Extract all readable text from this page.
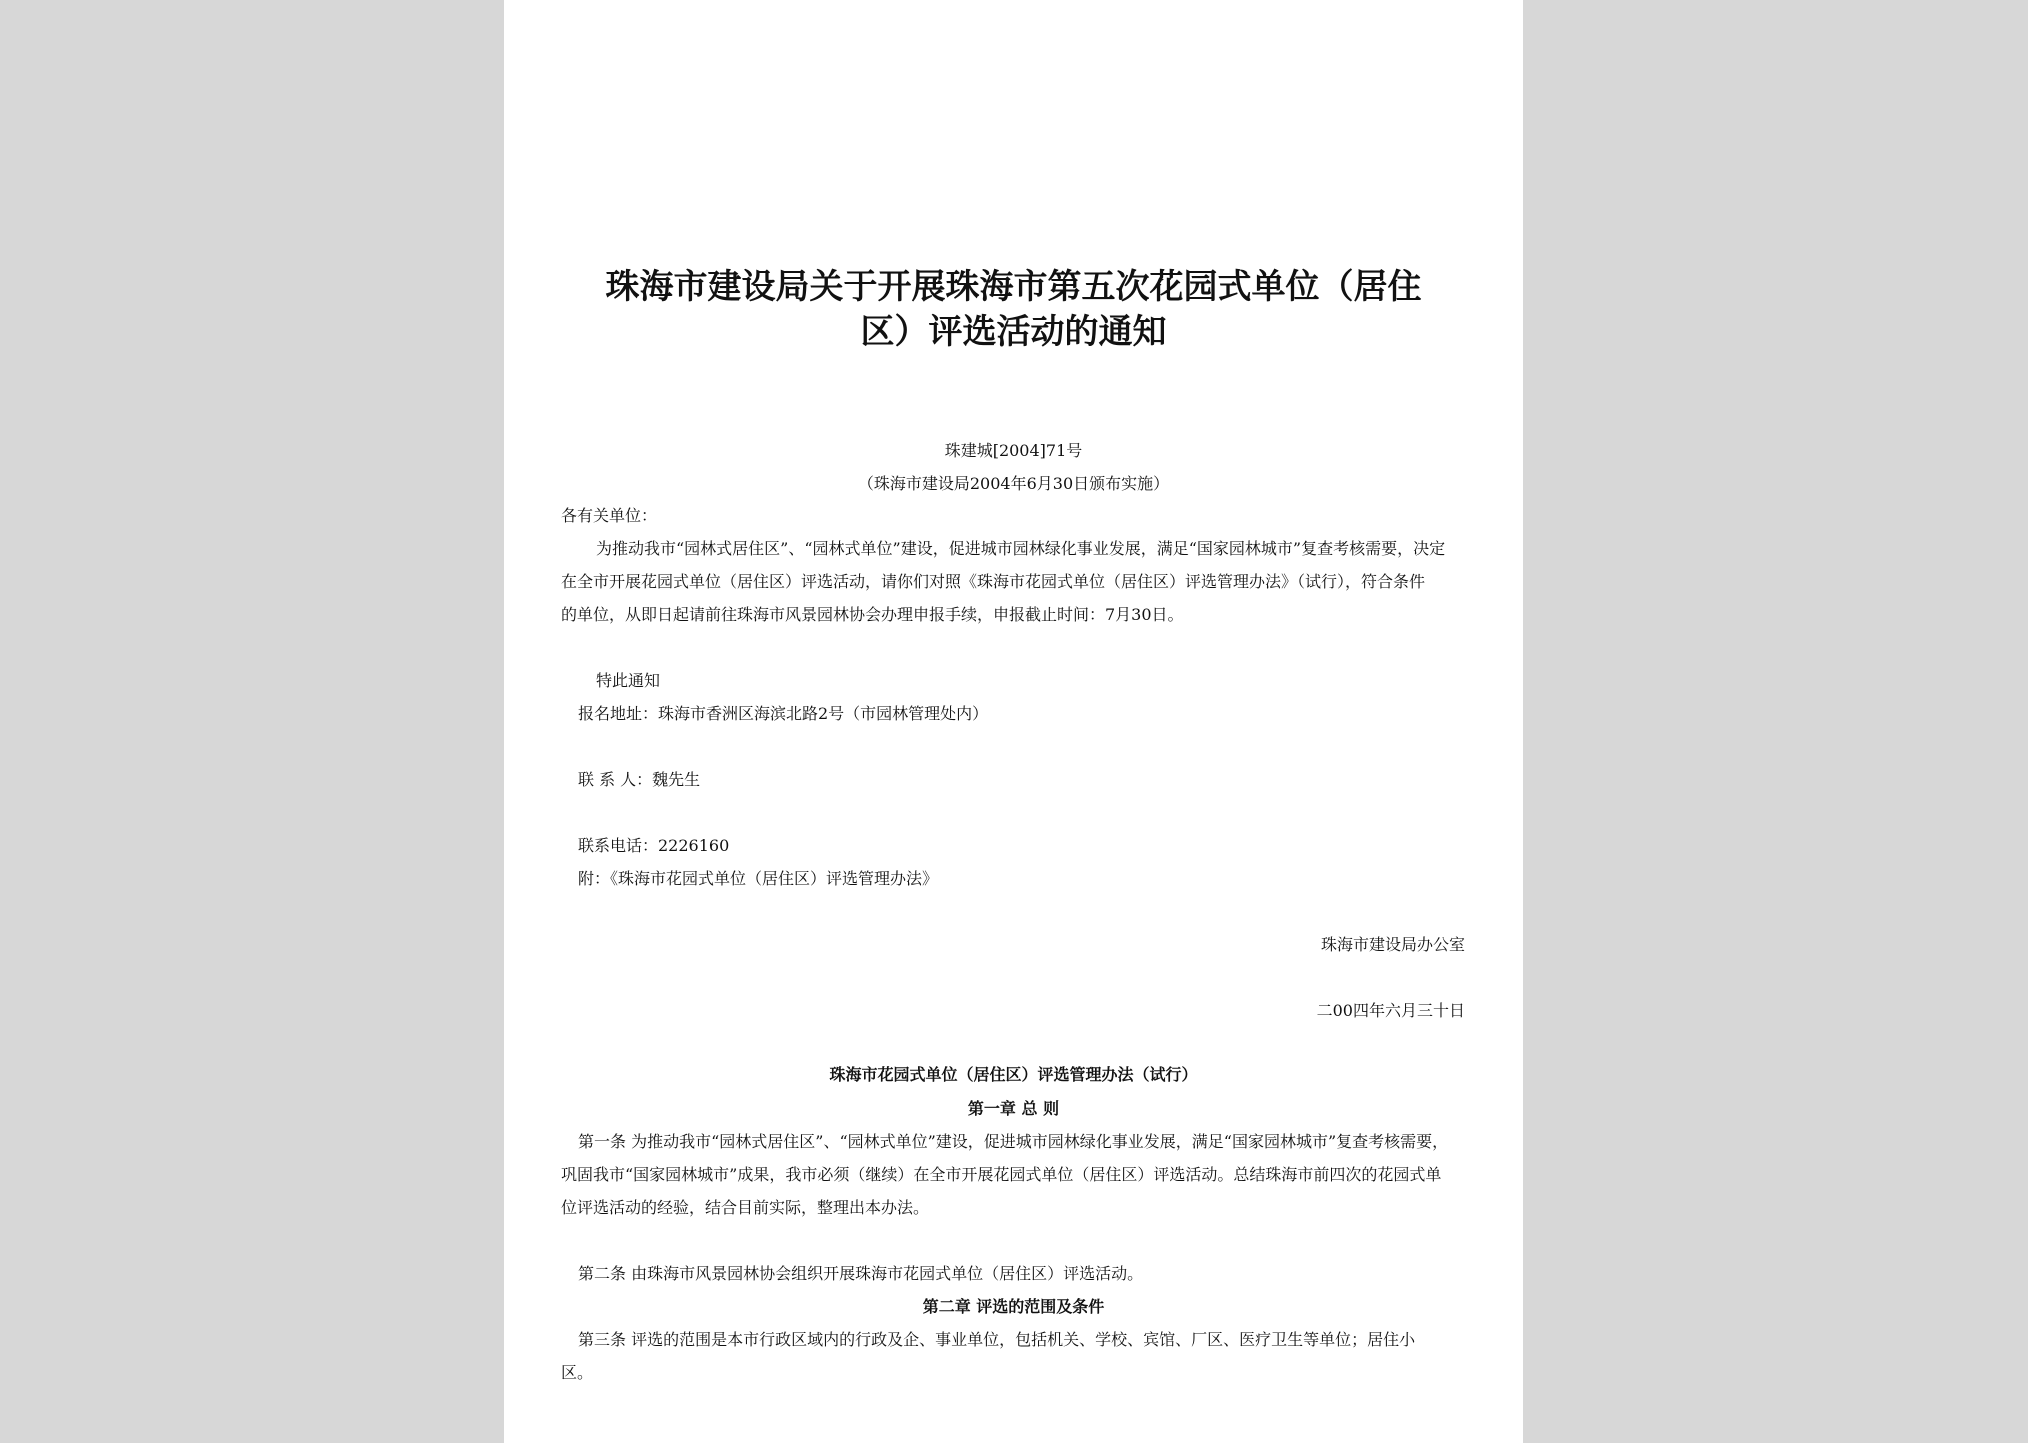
珠海市建设局关于开展珠海市第五次花园式单位（居住
区）评选活动的通知
珠建城[2004]71号
（珠海市建设局2004年6月30日颁布实施）
各有关单位：
为推动我市“园林式居住区”、“园林式单位”建设，促进城市园林绿化事业发展，满足“国家园林城市”复查考核需要，决定
在全市开展花园式单位（居住区）评选活动，请你们对照《珠海市花园式单位（居住区）评选管理办法》（试行），符合条件
的单位，从即日起请前往珠海市风景园林协会办理申报手续，申报截止时间：7月30日。
特此通知
报名地址：珠海市香洲区海滨北路2号（市园林管理处内）
联 系 人：魏先生
联系电话：2226160
附：《珠海市花园式单位（居住区）评选管理办法》
珠海市建设局办公室
二00四年六月三十日
珠海市花园式单位（居住区）评选管理办法（试行）
第一章 总 则
第一条 为推动我市“园林式居住区”、“园林式单位”建设，促进城市园林绿化事业发展，满足“国家园林城市”复查考核需要，
巩固我市“国家园林城市”成果，我市必须（继续）在全市开展花园式单位（居住区）评选活动。总结珠海市前四次的花园式单
位评选活动的经验，结合目前实际，整理出本办法。
第二条 由珠海市风景园林协会组织开展珠海市花园式单位（居住区）评选活动。
第二章 评选的范围及条件
第三条 评选的范围是本市行政区域内的行政及企、事业单位，包括机关、学校、宾馆、厂区、医疗卫生等单位；居住小
区。
